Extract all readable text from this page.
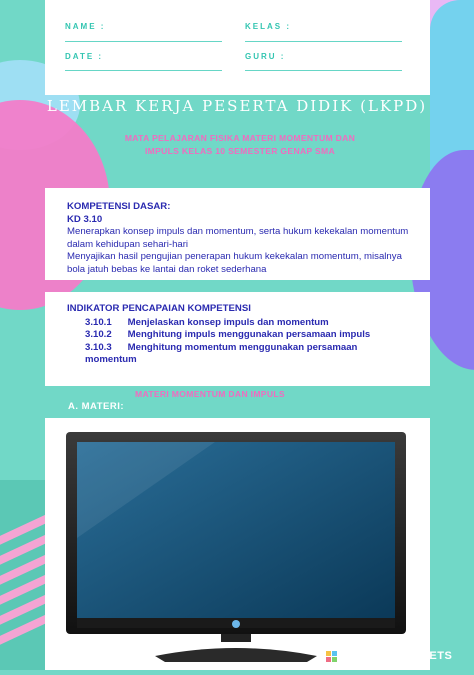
NAME :	KELAS :
DATE :	GURU :
LEMBAR KERJA PESERTA DIDIK (LKPD)
MATA PELAJARAN FISIKA MATERI MOMENTUM DAN
IMPULS KELAS 10 SEMESTER GENAP SMA
KOMPETENSI DASAR:
KD 3.10
Menerapkan konsep impuls dan momentum, serta hukum kekekalan momentum
dalam kehidupan sehari-hari
Menyajikan hasil pengujian penerapan hukum kekekalan momentum, misalnya
bola jatuh bebas ke lantai dan roket sederhana
INDIKATOR PENCAPAIAN KOMPETENSI
3.10.1 Menjelaskan konsep impuls dan momentum
3.10.2 Menghitung impuls menggunakan persamaan impuls
3.10.3 Menghitung momentum menggunakan persamaan
momentum
MATERI MOMENTUM DAN IMPULS
A. MATERI:
LIVEWORKSHEETS
